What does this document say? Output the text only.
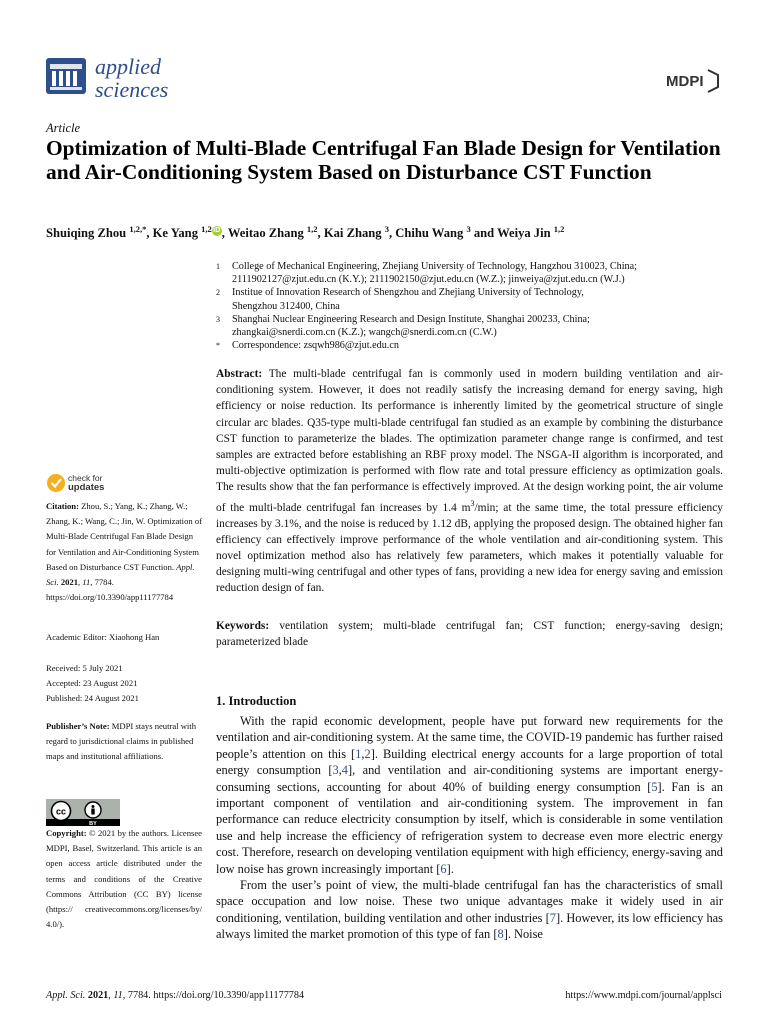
applied
sciences	MDPI
Article
Optimization of Multi-Blade Centrifugal Fan Blade Design for Ventilation and Air-Conditioning System Based on Disturbance CST Function
Shuiqing Zhou $^{1,2,*}$, Ke Yang $^{1,2}$ iD , Weitao Zhang $^{1,2}$, Kai Zhang $^3$, Chihu Wang $^3$ and Weiya Jin $^{1,2}$
1	College of Mechanical Engineering, Zhejiang University of Technology, Hangzhou 310023, China;
2111902127@zjut.edu.cn (K.Y.); 2111902150@zjut.edu.cn (W.Z.); jinweiya@zjut.edu.cn (W.J.)
2	Institue of Innovation Research of Shengzhou and Zhejiang University of Technology,
Shengzhou 312400, China
3	Shanghai Nuclear Engineering Research and Design Institute, Shanghai 200233, China;
zhangkai@snerdi.com.cn (K.Z.); wangch@snerdi.com.cn (C.W.)
*	Correspondence: zsqwh986@zjut.edu.cn
Abstract: The multi-blade centrifugal fan is commonly used in modern building ventilation and air-conditioning system. However, it does not readily satisfy the increasing demand for energy saving, high efficiency or noise reduction. Its performance is inherently limited by the geometrical structure of single circular arc blades. Q35-type multi-blade centrifugal fan studied as an example by combining the disturbance CST function to parameterize the blades. The optimization parameter change range is confirmed, and test samples are extracted before establishing an RBF proxy model. The NSGA-II algorithm is incorporated, and multi-objective optimization is performed with flow rate and total pressure efficiency as optimization goals. The results show that the fan performance is effectively improved. At the design working point, the air volume of the multi-blade centrifugal fan increases by 1.4 $m^3/\min$; at the same time, the total pressure efficiency increases by 3.1%, and the noise is reduced by 1.12 dB, applying the proposed design. The obtained higher fan efficiency can effectively improve performance of the whole ventilation and air-conditioning system. This novel optimization method also has relatively few parameters, which makes it potentially valuable for designing multi-wing centrifugal and other types of fans, providing a new idea for energy saving and emission reduction design of fan.
Keywords: ventilation system; multi-blade centrifugal fan; CST function; energy-saving design; parameterized blade
check for
updates
Citation: Zhou, S.; Yang, K.; Zhang, W.; Zhang, K.; Wang, C.; Jin, W. Optimization of Multi-Blade Centrifugal Fan Blade Design for Ventilation and Air-Conditioning System Based on Disturbance CST Function. Appl. Sci. 2021, 11, 7784. https://doi.org/10.3390/app11177784
Academic Editor: Xiaohong Han
Received: 5 July 2021
Accepted: 23 August 2021
Published: 24 August 2021
Publisher’s Note: MDPI stays neutral with regard to jurisdictional claims in published maps and institutional affiliations.
cc
BY
Copyright: © 2021 by the authors. Licensee MDPI, Basel, Switzerland. This article is an open access article distributed under the terms and conditions of the Creative Commons Attribution (CC BY) license (https:// creativecommons.org/licenses/by/ 4.0/).
1. Introduction

With the rapid economic development, people have put forward new requirements for the ventilation and air-conditioning system. At the same time, the COVID-19 pandemic has further raised people’s attention on this [1,2]. Building electrical energy accounts for a large proportion of total energy consumption [3,4], and ventilation and air-conditioning systems are important energy-consuming sections, accounting for about 40% of building energy consumption [5]. Fan is an important component of ventilation and air-conditioning system. The improvement in fan performance can reduce electricity consumption by itself, which is considerable in some ventilation use and help increase the efficiency of refrigeration system to decrease even more electric energy cost. Therefore, research on developing ventilation equipment with high efficiency, energy-saving and low noise has grown increasingly important [6].

From the user’s point of view, the multi-blade centrifugal fan has the characteristics of small space occupation and low noise. These two unique advantages make it widely used in air conditioning, ventilation, building ventilation and other industries [7]. However, its low efficiency has always limited the market promotion of this type of fan [8]. Noise

Appl. Sci. 2021, 11, 7784. https://doi.org/10.3390/app11177784	https://www.mdpi.com/journal/applsci
